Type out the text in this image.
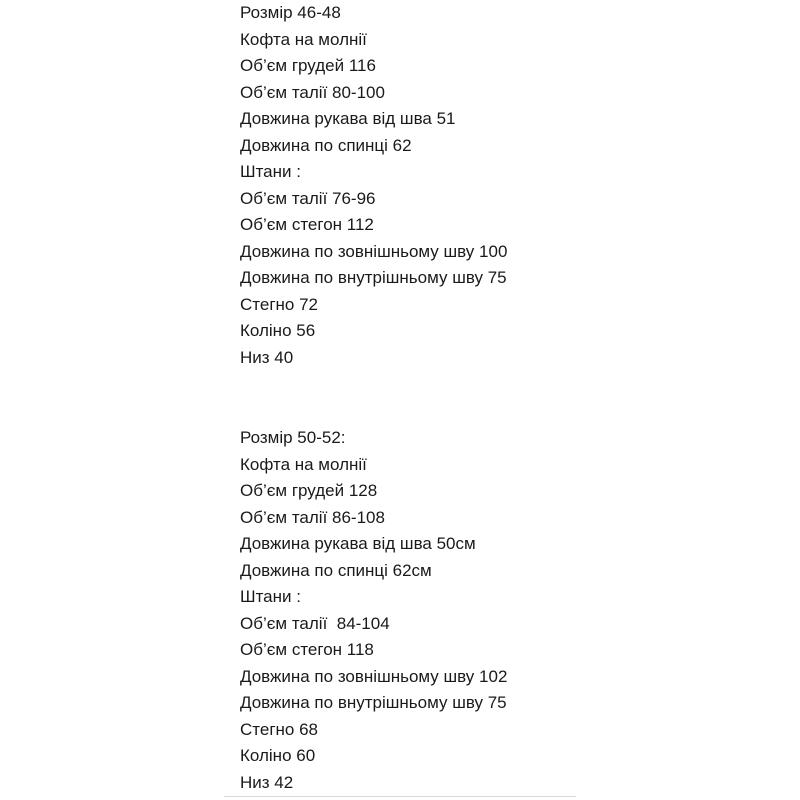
Розмір 46-48
Кофта на молнії
Об’єм грудей 116
Об’єм талії 80-100
Довжина рукава від шва 51
Довжина по спинці 62
Штани :
Об’єм талії 76-96
Об’єм стегон 112
Довжина по зовнішньому шву 100
Довжина по внутрішньому шву 75
Стегно 72
Коліно 56
Низ 40
Розмір 50-52:
Кофта на молнії
Об’єм грудей 128
Об’єм талії 86-108
Довжина рукава від шва 50см
Довжина по спинці 62см
Штани :
Об’єм талії  84-104
Об’єм стегон 118
Довжина по зовнішньому шву 102
Довжина по внутрішньому шву 75
Стегно 68
Коліно 60
Низ 42
